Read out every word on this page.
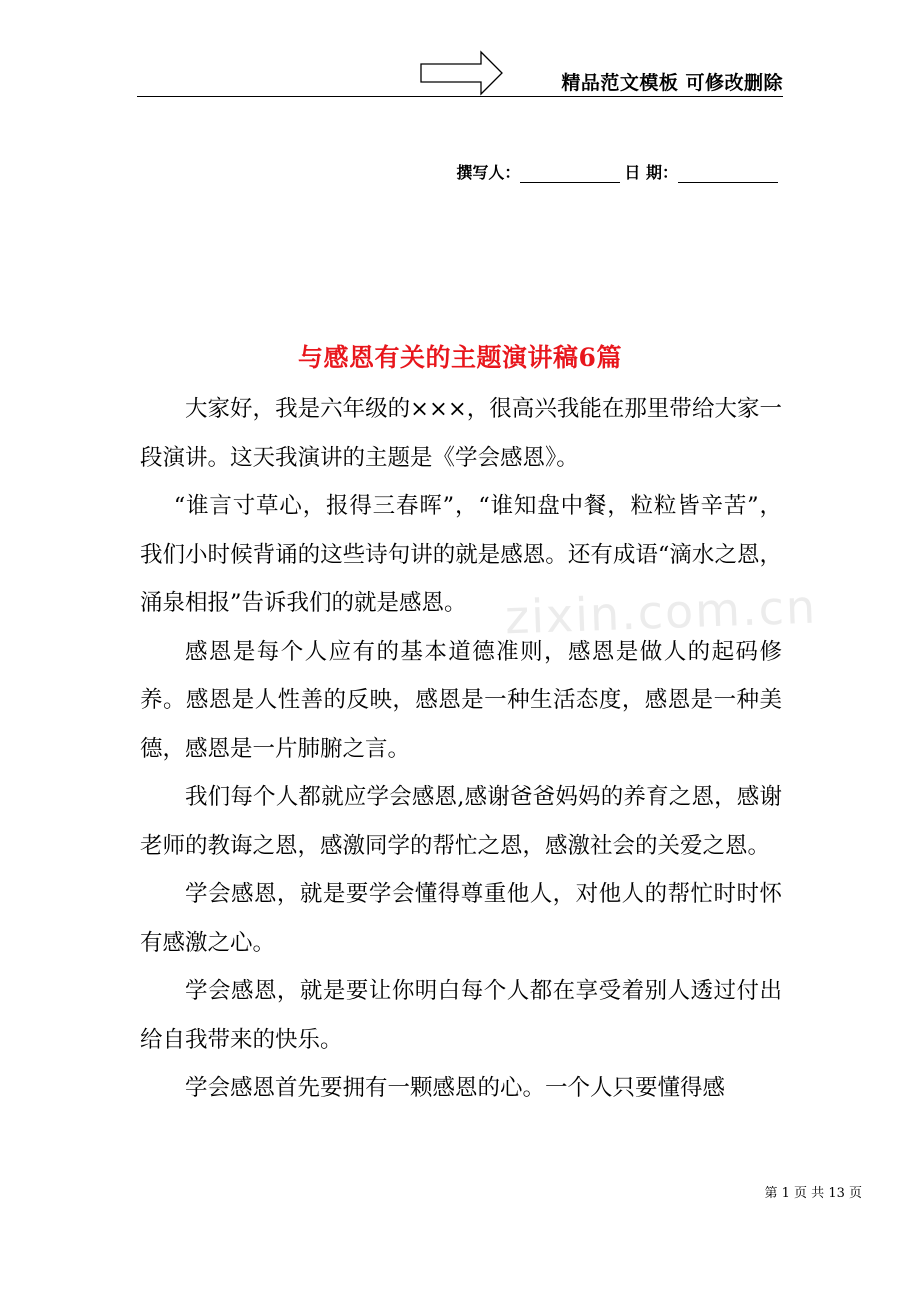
精品范文模板 可修改删除
撰写人：	日 期：
zixin.com.cn
与感恩有关的主题演讲稿6篇

大家好，我是六年级的×××，很高兴我能在那里带给大家一段演讲。这天我演讲的主题是《学会感恩》。

“谁言寸草心，报得三春晖”，“谁知盘中餐，粒粒皆辛苦”，我们小时候背诵的这些诗句讲的就是感恩。还有成语“滴水之恩，涌泉相报”告诉我们的就是感恩。

感恩是每个人应有的基本道德准则，感恩是做人的起码修养。感恩是人性善的反映，感恩是一种生活态度，感恩是一种美德，感恩是一片肺腑之言。

我们每个人都就应学会感恩,感谢爸爸妈妈的养育之恩，感谢老师的教诲之恩，感激同学的帮忙之恩，感激社会的关爱之恩。

学会感恩，就是要学会懂得尊重他人，对他人的帮忙时时怀有感激之心。

学会感恩，就是要让你明白每个人都在享受着别人透过付出给自我带来的快乐。

学会感恩首先要拥有一颗感恩的心。一个人只要懂得感

第 1 页 共 13 页
